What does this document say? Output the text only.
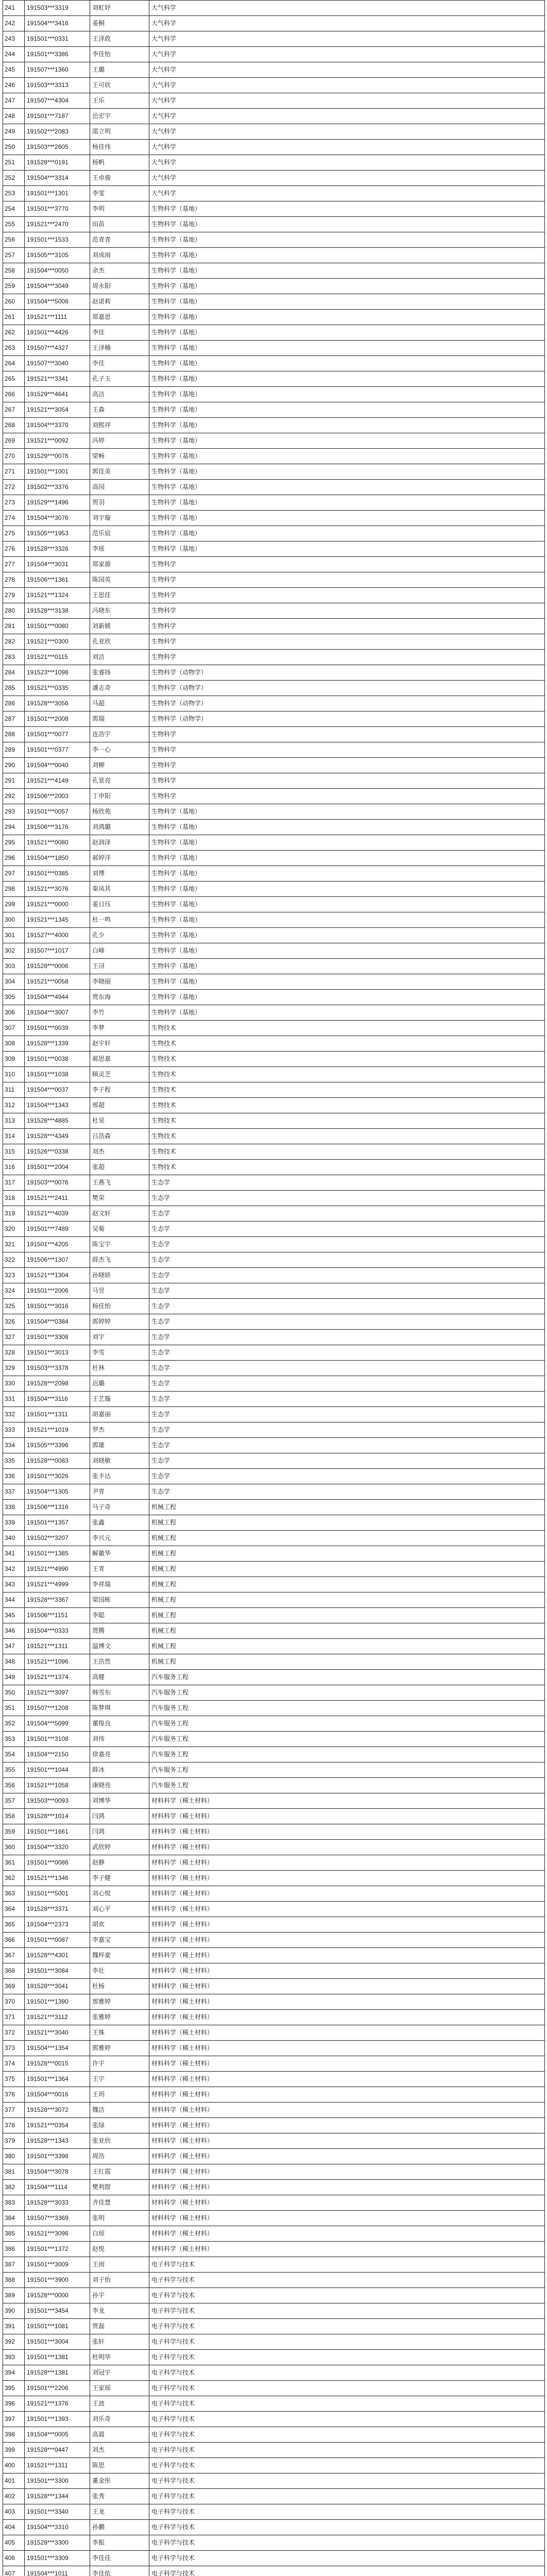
241	191503***3319	刘虹妤	大气科学
242	191504***3416	姜桐	大气科学
243	191501***0331	王泽政	大气科学
244	191501***3386	李佳怡	大气科学
245	191507***1360	王璐	大气科学
246	191503***3313	王可欣	大气科学
247	191507***4304	王乐	大气科学
248	191501***7187	岳宏宇	大气科学
249	191502***2083	邵立明	大气科学
250	191503***2605	杨佳伟	大气科学
251	191528***0191	杨帆	大气科学
252	191504***3314	王卓骏	大气科学
253	191501***1301	李雯	大气科学
254	191501***3770	李明	生物科学（基地）
255	191521***2470	田苗	生物科学（基地）
256	191501***1533	范青青	生物科学（基地）
257	191505***3105	刘成雨	生物科学（基地）
258	191504***0050	余杰	生物科学（基地）
259	191504***3049	周永阳	生物科学（基地）
260	191504***5008	赵诺莉	生物科学（基地）
261	191521***1111	郑嘉思	生物科学（基地）
262	191501***4426	李佳	生物科学（基地）
263	191507***4327	王泽楠	生物科学（基地）
264	191507***3040	李佳	生物科学（基地）
265	191521***3341	孔子玉	生物科学（基地）
266	191529***4641	高洁	生物科学（基地）
267	191521***3054	王森	生物科学（基地）
268	191504***3370	刘熙祥	生物科学（基地）
269	191521***0092	冯婷	生物科学（基地）
270	191529***0076	梁畅	生物科学（基地）
271	191501***1001	郭佳美	生物科学（基地）
272	191502***3376	高园	生物科学（基地）
273	191529***1496	贺羽	生物科学（基地）
274	191504***3076	刘宇璇	生物科学（基地）
275	191505***1953	范乐宸	生物科学（基地）
276	191528***3326	李瑶	生物科学（基地）
277	191504***3031	郑家源	生物科学
278	191506***1361	陈国英	生物科学
279	191521***1324	王思佳	生物科学
280	191528***3138	冯晓东	生物科学
281	191501***0080	刘新媛	生物科学
282	191521***0300	孔亚欣	生物科学
283	191521***0115	刘洁	生物科学
284	191523***1098	张睿扬	生物科学（动物学）
285	191521***0335	潘志奇	生物科学（动物学）
286	191528***3056	马超	生物科学（动物学）
287	191501***2008	郭瑞	生物科学（动物学）
288	191501***0077	连浩宇	生物科学
289	191501***0377	李一心	生物科学
290	191504***0040	刘柳	生物科学
291	191521***4149	孔景亮	生物科学
292	191506***2003	丁申阳	生物科学
293	191501***0057	杨欣苑	生物科学（基地）
294	191506***3176	刘鸿璐	生物科学（基地）
295	191521***0080	赵润泽	生物科学（基地）
296	191504***1850	郝婷洋	生物科学（基地）
297	191501***0385	刘博	生物科学（基地）
298	191521***3076	秦凤其	生物科学（基地）
299	191521***0000	姜日珏	生物科学（基地）
300	191521***1345	杜一鸣	生物科学（基地）
301	191527***4000	孔少	生物科学（基地）
302	191507***1017	白峰	生物科学（基地）
303	191528***0006	王浔	生物科学（基地）
304	191521***0058	李晓丽	生物科学（基地）
305	191504***4944	贾东海	生物科学（基地）
306	191504***3007	李竹	生物科学（基地）
307	191501***0039	李梦	生物技术
308	191528***1339	赵宇轩	生物技术
309	191501***0038	郝思嘉	生物技术
310	191501***1038	顾灵芝	生物技术
311	191504***0037	李子程	生物技术
312	191504***1343	邢超	生物技术
313	191528***4885	杜昊	生物技术
314	191528***4349	吕浩森	生物技术
315	191526***0338	刘杰	生物技术
316	191501***2004	张超	生物技术
317	191503***0076	王燕飞	生态学
318	191521***2411	樊荣	生态学
319	191521***4039	赵文轩	生态学
320	191501***7489	吴菊	生态学
321	191501***4205	陈宝宇	生态学
322	191506***1307	薛杰飞	生态学
323	191521***1304	孙晓娇	生态学
324	191501***2006	马昱	生态学
325	191501***3016	杨佳怡	生态学
326	191504***0384	郭婷婷	生态学
327	191501***3308	刘宇	生态学
328	191501***3013	李雪	生态学
329	191503***3378	杜林	生态学
330	191528***2098	迟璐	生态学
331	191504***3116	王艺璇	生态学
332	191501***1311	胡嘉丽	生态学
333	191521***1019	罗杰	生态学
334	191505***3396	郭雄	生态学
335	191528***0083	刘晓敏	生态学
336	191501***3026	张丰达	生态学
337	191504***1305	尹青	生态学
338	191506***1316	马子奇	机械工程
339	191501***1357	张鑫	机械工程
340	191502***3207	李兴元	机械工程
341	191501***1385	解徽华	机械工程
342	191521***4990	王青	机械工程
343	191521***4999	李祥瑞	机械工程
344	191528***3367	梁国栋	机械工程
345	191506***1151	李聪	机械工程
346	191504***0333	贾腾	机械工程
347	191521***1311	温博文	机械工程
348	191521***1096	王浩然	机械工程
349	191521***1374	高健	汽车服务工程
350	191521***3097	韩雪东	汽车服务工程
351	191507***1208	陈梦琪	汽车服务工程
352	191504***5099	董俊良	汽车服务工程
353	191501***3108	刘伟	汽车服务工程
354	191504***2150	徐嘉亮	汽车服务工程
355	191501***1044	薛冰	汽车服务工程
356	191521***1058	康晓亮	汽车服务工程
357	191503***0093	刘博华	材料科学（稀土材料）
358	191528***1014	闫鸿	材料科学（稀土材料）
359	191501***1661	闫鸿	材料科学（稀土材料）
360	191504***3320	武欣婷	材料科学（稀土材料）
361	191501***0086	赵静	材料科学（稀土材料）
362	191521***1346	李子健	材料科学（稀土材料）
363	191501***5001	刘心悦	材料科学（稀土材料）
364	191528***3371	刘心平	材料科学（稀土材料）
365	191504***2373	胡欢	材料科学（稀土材料）
366	191501***0087	李嘉宝	材料科学（稀土材料）
367	191528***4301	魏梓豪	材料科学（稀土材料）
368	191501***3084	李壮	材料科学（稀土材料）
369	191528***3041	杜杨	材料科学（稀土材料）
370	191501***1390	邢雅婷	材料科学（稀土材料）
371	191521***3112	张雅婷	材料科学（稀土材料）
372	191521***3040	王姝	材料科学（稀土材料）
373	191504***1354	郭雅婷	材料科学（稀土材料）
374	191528***0015	许宇	材料科学（稀土材料）
375	191501***1364	王宇	材料科学（稀土材料）
376	191504***0016	王玥	材料科学（稀土材料）
377	191528***3072	魏洁	材料科学（稀土材料）
378	191521***0354	张绿	材料科学（稀土材料）
379	191528***1343	张亚欣	材料科学（稀土材料）
380	191501***3398	周浩	材料科学（稀土材料）
381	191504***3078	王红霞	材料科学（稀土材料）
382	191504***1114	樊利群	材料科学（稀土材料）
383	191528***3033	齐佳慧	材料科学（稀土材料）
384	191507***3369	张明	材料科学（稀土材料）
385	191521***3096	白琼	材料科学（稀土材料）
386	191501***1372	赵悦	材料科学（稀土材料）
387	191501***3009	王雨	电子科学与技术
388	191501***3900	刘子怡	电子科学与技术
389	191528***0000	孙宇	电子科学与技术
390	191501***3454	李龙	电子科学与技术
391	191501***1081	贾磊	电子科学与技术
392	191501***3004	张轩	电子科学与技术
393	191501***1381	杜明华	电子科学与技术
394	191528***1381	刘冠宇	电子科学与技术
395	191501***2206	王家瑶	电子科学与技术
396	191521***1376	王波	电子科学与技术
397	191501***1393	刘乐奇	电子科学与技术
398	191504***0005	高晨	电子科学与技术
399	191528***0447	刘杰	电子科学与技术
400	191521***1311	陈思	电子科学与技术
401	191501***3300	董金彤	电子科学与技术
402	191528***1344	张秀	电子科学与技术
403	191501***3340	王龙	电子科学与技术
404	191504***3310	孙鹏	电子科学与技术
405	191528***3300	李振	电子科学与技术
406	191501***3309	李佳佳	电子科学与技术
407	191504***1011	李佳依	电子科学与技术
